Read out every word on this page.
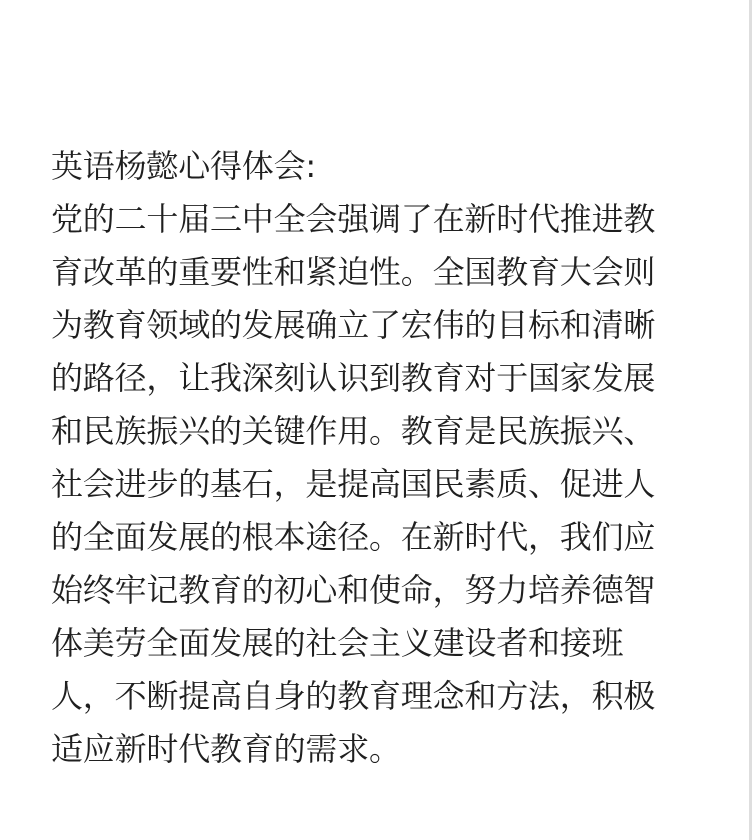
英语杨懿心得体会:
党的二十届三中全会强调了在新时代推进教
育改革的重要性和紧迫性。全国教育大会则
为教育领域的发展确立了宏伟的目标和清晰
的路径，让我深刻认识到教育对于国家发展
和民族振兴的关键作用。教育是民族振兴、
社会进步的基石，是提高国民素质、促进人
的全面发展的根本途径。在新时代，我们应
始终牢记教育的初心和使命，努力培养德智
体美劳全面发展的社会主义建设者和接班
人，不断提高自身的教育理念和方法，积极
适应新时代教育的需求。
